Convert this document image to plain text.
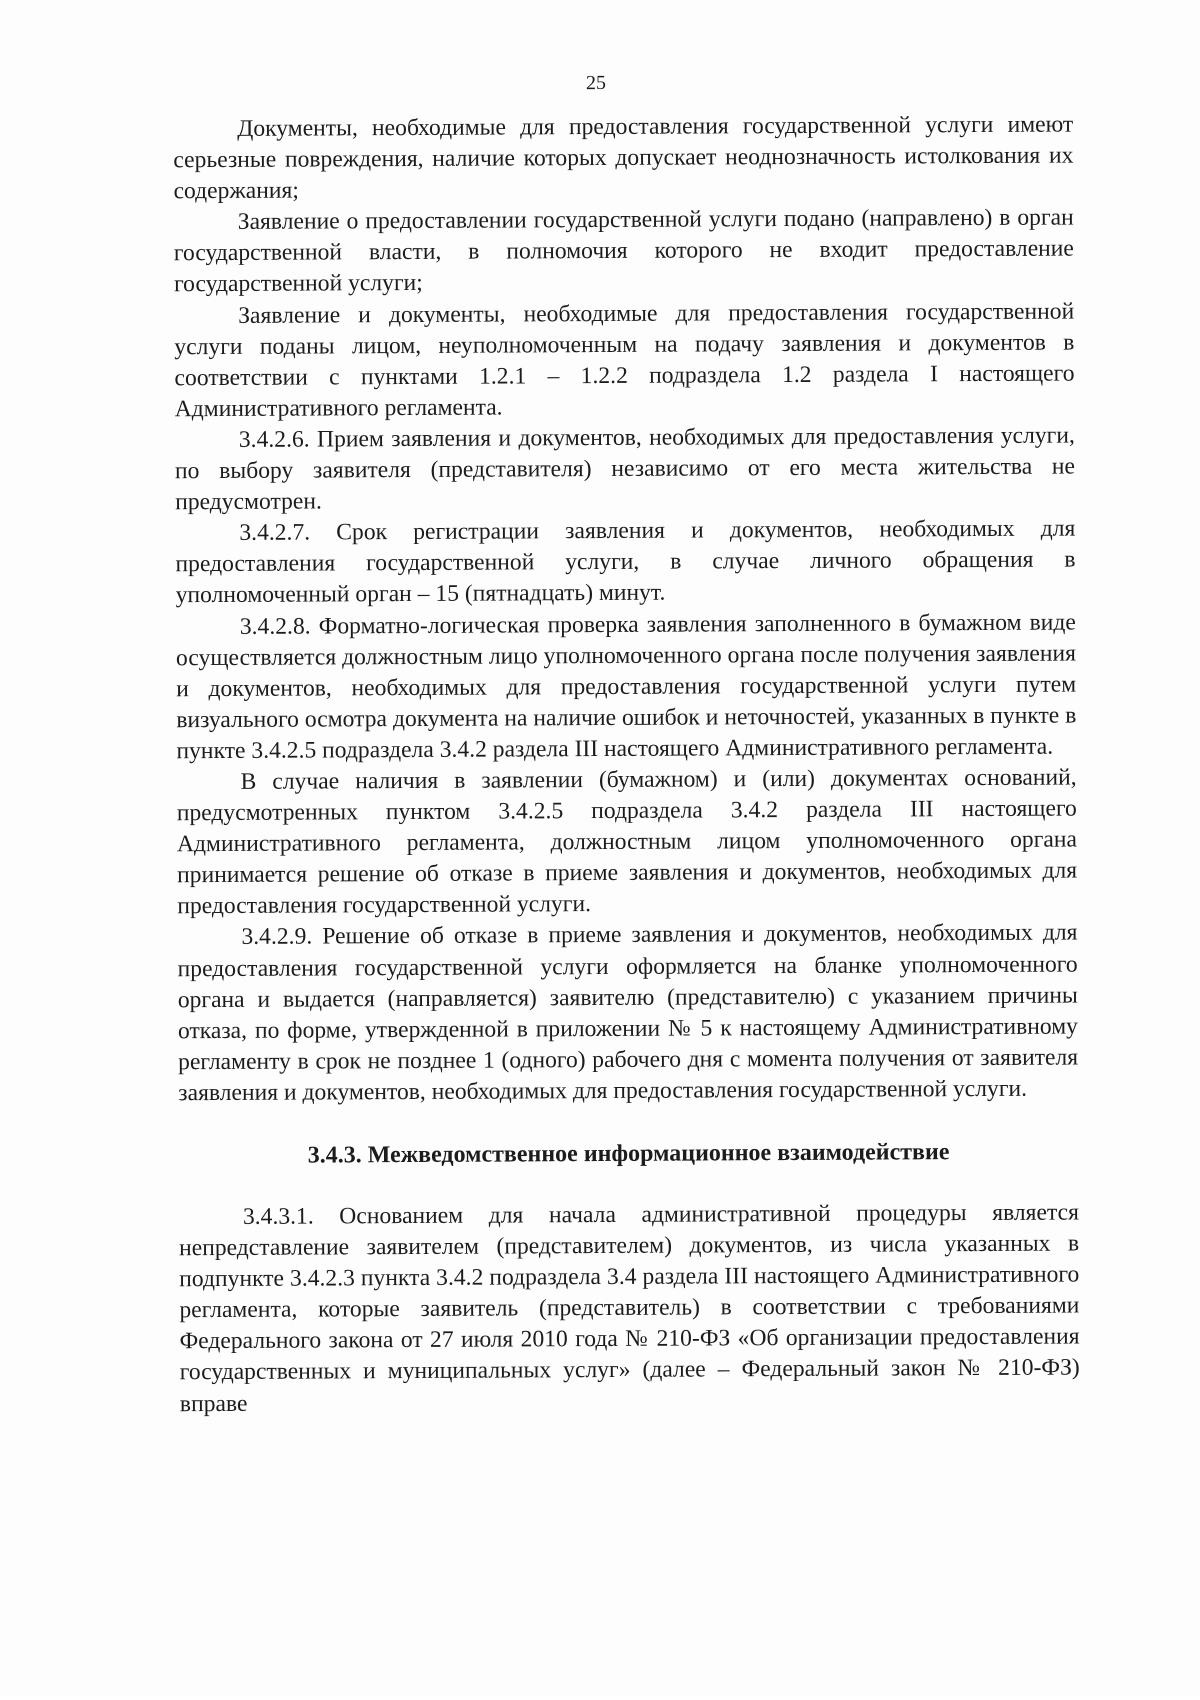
25

Документы, необходимые для предоставления государственной услуги имеют серьезные повреждения, наличие которых допускает неоднозначность истолкования их содержания;

Заявление о предоставлении государственной услуги подано (направлено) в орган государственной власти, в полномочия которого не входит предоставление государственной услуги;

Заявление и документы, необходимые для предоставления государственной услуги поданы лицом, неуполномоченным на подачу заявления и документов в соответствии с пунктами 1.2.1 – 1.2.2 подраздела 1.2 раздела I настоящего Административного регламента.

3.4.2.6. Прием заявления и документов, необходимых для предоставления услуги, по выбору заявителя (представителя) независимо от его места жительства не предусмотрен.

3.4.2.7. Срок регистрации заявления и документов, необходимых для предоставления государственной услуги, в случае личного обращения в уполномоченный орган – 15 (пятнадцать) минут.

3.4.2.8. Форматно-логическая проверка заявления заполненного в бумажном виде осуществляется должностным лицо уполномоченного органа после получения заявления и документов, необходимых для предоставления государственной услуги путем визуального осмотра документа на наличие ошибок и неточностей, указанных в пункте в пункте 3.4.2.5 подраздела 3.4.2 раздела III настоящего Административного регламента.

В случае наличия в заявлении (бумажном) и (или) документах оснований, предусмотренных пунктом 3.4.2.5 подраздела 3.4.2 раздела III настоящего Административного регламента, должностным лицом уполномоченного органа принимается решение об отказе в приеме заявления и документов, необходимых для предоставления государственной услуги.

3.4.2.9. Решение об отказе в приеме заявления и документов, необходимых для предоставления государственной услуги оформляется на бланке уполномоченного органа и выдается (направляется) заявителю (представителю) с указанием причины отказа, по форме, утвержденной в приложении № 5 к настоящему Административному регламенту в срок не позднее 1 (одного) рабочего дня с момента получения от заявителя заявления и документов, необходимых для предоставления государственной услуги.

3.4.3. Межведомственное информационное взаимодействие

3.4.3.1. Основанием для начала административной процедуры является непредставление заявителем (представителем) документов, из числа указанных в подпункте 3.4.2.3 пункта 3.4.2 подраздела 3.4 раздела III настоящего Административного регламента, которые заявитель (представитель) в соответствии с требованиями Федерального закона от 27 июля 2010 года № 210-ФЗ «Об организации предоставления государственных и муниципальных услуг» (далее – Федеральный закон № 210-ФЗ) вправе
